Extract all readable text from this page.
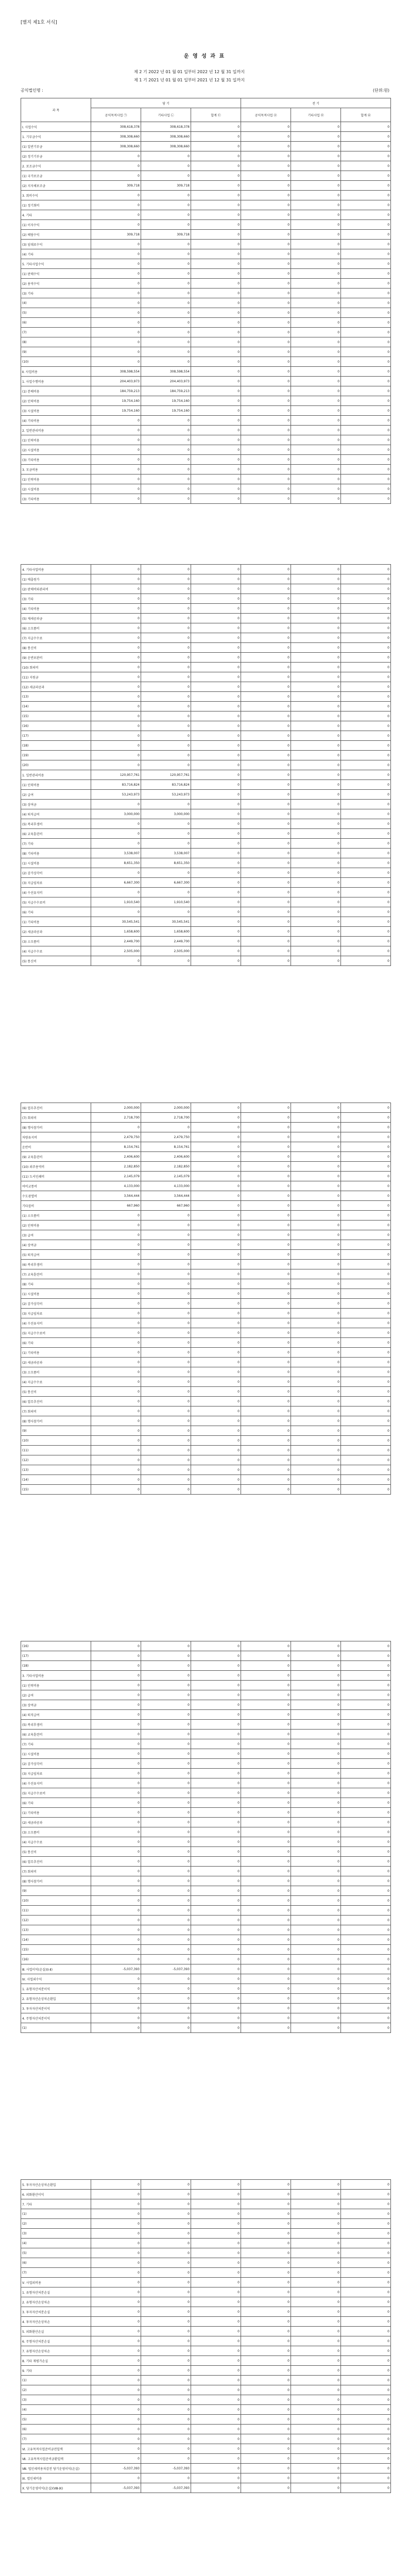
[별지 제1호 서식]
운 영 성 과 표
제 2 기 2022 년 01 월 01 일부터 2022 년 12 월 31 일까지
제 1 기 2021 년 01 월 01 일부터 2021 년 12 월 31 일까지
공익법인명 :	(단위:원)
과 목	당 기			전 기		
	공익목적사업 ㉠	기타사업 ㉡	합계 ㉢	공익목적사업 ㉣	기타사업 ㉤	합계 ㉥
Ⅰ. 사업수익	308,618,378	308,618,378	0	0	0	0
1. 기부금수익	308,308,660	308,308,660	0	0	0	0
(1) 일반기부금	308,308,660	308,308,660	0	0	0	0
(2) 정기기부금	0	0	0	0	0	0
2. 보조금수익	0	0	0	0	0	0
(1) 국가보조금	0	0	0	0	0	0
(2) 지자체보조금	309,718	309,718	0	0	0	0
3. 회비수익	0	0	0	0	0	0
(1) 정기회비	0	0	0	0	0	0
4. 기타	0	0	0	0	0	0
(1) 이자수익	0	0	0	0	0	0
(2) 배당수익	309,718	309,718	0	0	0	0
(3) 임대료수익	0	0	0	0	0	0
(4) 기타	0	0	0	0	0	0
5. 기타사업수익	0	0	0	0	0	0
(1) 판매수익	0	0	0	0	0	0
(2) 용역수익	0	0	0	0	0	0
(3) 기타	0	0	0	0	0	0
(4)	0	0	0	0	0	0
(5)	0	0	0	0	0	0
(6)	0	0	0	0	0	0
(7)	0	0	0	0	0	0
(8)	0	0	0	0	0	0
(9)	0	0	0	0	0	0
(10)	0	0	0	0	0	0
Ⅱ. 사업비용	308,598,554	308,598,554	0	0	0	0
1. 사업수행비용	204,403,973	204,403,973	0	0	0	0
(1) 분배비용	184,759,213	184,759,213	0	0	0	0
(2) 인력비용	19,754,160	19,754,160	0	0	0	0
(3) 시설비용	19,754,160	19,754,160	0	0	0	0
(4) 기타비용	0	0	0	0	0	0
2. 일반관리비용	0	0	0	0	0	0
(1) 인력비용	0	0	0	0	0	0
(2) 시설비용	0	0	0	0	0	0
(3) 기타비용	0	0	0	0	0	0
3. 모금비용	0	0	0	0	0	0
(1) 인력비용	0	0	0	0	0	0
(2) 시설비용	0	0	0	0	0	0
(3) 기타비용	0	0	0	0	0	0
4. 기타사업비용	0	0	0	0	0	0
(1) 매출원가	0	0	0	0	0	0
(2) 판매비와관리비	0	0	0	0	0	0
(3) 기타	0	0	0	0	0	0
(4) 기타비용	0	0	0	0	0	0
(5) 제세공과금	0	0	0	0	0	0
(6) 소모품비	0	0	0	0	0	0
(7) 지급수수료	0	0	0	0	0	0
(8) 통신비	0	0	0	0	0	0
(9) 운반보관비	0	0	0	0	0	0
(10) 회의비	0	0	0	0	0	0
(11) 지원금	0	0	0	0	0	0
(12) 세금과공과	0	0	0	0	0	0
(13)	0	0	0	0	0	0
(14)	0	0	0	0	0	0
(15)	0	0	0	0	0	0
(16)	0	0	0	0	0	0
(17)	0	0	0	0	0	0
(18)	0	0	0	0	0	0
(19)	0	0	0	0	0	0
(20)	0	0	0	0	0	0
1. 일반관리비용	120,957,761	120,957,761	0	0	0	0
(1) 인력비용	83,716,824	83,716,824	0	0	0	0
(2) 급여	53,243,973	53,243,973	0	0	0	0
(3) 상여금	0	0	0	0	0	0
(4) 퇴직급여	3,000,000	3,000,000	0	0	0	0
(5) 복리후생비	0	0	0	0	0	0
(6) 교육훈련비	0	0	0	0	0	0
(7) 기타	0	0	0	0	0	0
(8) 기타비용	3,538,007	3,538,007	0	0	0	0
(1) 시설비용	8,651,350	8,651,350	0	0	0	0
(2) 감가상각비	0	0	0	0	0	0
(3) 지급임차료	6,667,300	6,667,300	0	0	0	0
(4) 수선유지비	0	0	0	0	0	0
(5) 지급수수료비	1,910,540	1,910,540	0	0	0	0
(6) 기타	0	0	0	0	0	0
(1) 기타비용	30,545,541	30,545,541	0	0	0	0
(2) 세금과공과	1,658,600	1,658,600	0	0	0	0
(3) 소모품비	2,449,700	2,449,700	0	0	0	0
(4) 지급수수료	2,505,000	2,505,000	0	0	0	0
(5) 통신비	0	0	0	0	0	0
(6) 업무추진비	2,000,000	2,000,000	0	0	0	0
(7) 회의비	2,718,700	2,718,700	0	0	0	0
(8) 행사참가비	0	0	0	0	0	0
차량유지비	2,479,750	2,479,750	0	0	0	0
운반비	8,154,761	8,154,761	0	0	0	0
(9) 교육훈련비	2,406,600	2,406,600	0	0	0	0
(10) 외주용역비	2,182,850	2,182,850	0	0	0	0
(11) 도서인쇄비	2,145,079	2,145,079	0	0	0	0
여비교통비	4,133,000	4,133,000	0	0	0	0
수도광열비	3,564,444	3,564,444	0	0	0	0
기타잡비	667,960	667,960	0	0	0	0
(1) 소모품비	0	0	0	0	0	0
(2) 인력비용	0	0	0	0	0	0
(3) 급여	0	0	0	0	0	0
(4) 상여금	0	0	0	0	0	0
(5) 퇴직급여	0	0	0	0	0	0
(6) 복리후생비	0	0	0	0	0	0
(7) 교육훈련비	0	0	0	0	0	0
(8) 기타	0	0	0	0	0	0
(1) 시설비용	0	0	0	0	0	0
(2) 감가상각비	0	0	0	0	0	0
(3) 지급임차료	0	0	0	0	0	0
(4) 수선유지비	0	0	0	0	0	0
(5) 지급수수료비	0	0	0	0	0	0
(6) 기타	0	0	0	0	0	0
(1) 기타비용	0	0	0	0	0	0
(2) 세금과공과	0	0	0	0	0	0
(3) 소모품비	0	0	0	0	0	0
(4) 지급수수료	0	0	0	0	0	0
(5) 통신비	0	0	0	0	0	0
(6) 업무추진비	0	0	0	0	0	0
(7) 회의비	0	0	0	0	0	0
(8) 행사참가비	0	0	0	0	0	0
(9)	0	0	0	0	0	0
(10)	0	0	0	0	0	0
(11)	0	0	0	0	0	0
(12)	0	0	0	0	0	0
(13)	0	0	0	0	0	0
(14)	0	0	0	0	0	0
(15)	0	0	0	0	0	0
(16)	0	0	0	0	0	0
(17)	0	0	0	0	0	0
(18)	0	0	0	0	0	0
3. 기타사업비용	0	0	0	0	0	0
(1) 인력비용	0	0	0	0	0	0
(2) 급여	0	0	0	0	0	0
(3) 상여금	0	0	0	0	0	0
(4) 퇴직급여	0	0	0	0	0	0
(5) 복리후생비	0	0	0	0	0	0
(6) 교육훈련비	0	0	0	0	0	0
(7) 기타	0	0	0	0	0	0
(1) 시설비용	0	0	0	0	0	0
(2) 감가상각비	0	0	0	0	0	0
(3) 지급임차료	0	0	0	0	0	0
(4) 수선유지비	0	0	0	0	0	0
(5) 지급수수료비	0	0	0	0	0	0
(6) 기타	0	0	0	0	0	0
(1) 기타비용	0	0	0	0	0	0
(2) 세금과공과	0	0	0	0	0	0
(3) 소모품비	0	0	0	0	0	0
(4) 지급수수료	0	0	0	0	0	0
(5) 통신비	0	0	0	0	0	0
(6) 업무추진비	0	0	0	0	0	0
(7) 회의비	0	0	0	0	0	0
(8) 행사참가비	0	0	0	0	0	0
(9)	0	0	0	0	0	0
(10)	0	0	0	0	0	0
(11)	0	0	0	0	0	0
(12)	0	0	0	0	0	0
(13)	0	0	0	0	0	0
(14)	0	0	0	0	0	0
(15)	0	0	0	0	0	0
(16)	0	0	0	0	0	0
Ⅲ. 사업이익(손실)(Ⅰ-Ⅱ)	-5,037,393	-5,037,393	0	0	0	0
Ⅳ. 사업외수익	0	0	0	0	0	0
1. 유형자산처분이익	0	0	0	0	0	0
2. 유형자산손상차손환입	0	0	0	0	0	0
3. 투자자산처분이익	0	0	0	0	0	0
4. 무형자산처분이익	0	0	0	0	0	0
(1)	0	0	0	0	0	0
5. 투자자산손상차손환입	0	0	0	0	0	0
6. 외화환산이익	0	0	0	0	0	0
7. 기타	0	0	0	0	0	0
(1)	0	0	0	0	0	0
(2)	0	0	0	0	0	0
(3)	0	0	0	0	0	0
(4)	0	0	0	0	0	0
(5)	0	0	0	0	0	0
(6)	0	0	0	0	0	0
(7)	0	0	0	0	0	0
Ⅴ. 사업외비용	0	0	0	0	0	0
1. 유형자산처분손실	0	0	0	0	0	0
2. 유형자산손상차손	0	0	0	0	0	0
3. 투자자산처분손실	0	0	0	0	0	0
4. 투자자산손상차손	0	0	0	0	0	0
5. 외화환산손실	0	0	0	0	0	0
6. 무형자산처분손실	0	0	0	0	0	0
7. 유형자산손상차손	0	0	0	0	0	0
8. 기타 재평가손실	0	0	0	0	0	0
9. 기타	0	0	0	0	0	0
(1)	0	0	0	0	0	0
(2)	0	0	0	0	0	0
(3)	0	0	0	0	0	0
(4)	0	0	0	0	0	0
(5)	0	0	0	0	0	0
(6)	0	0	0	0	0	0
(7)	0	0	0	0	0	0
Ⅵ. 고유목적사업준비금전입액	0	0	0	0	0	0
Ⅶ. 고유목적사업준비금환입액	0	0	0	0	0	0
Ⅷ. 법인세비용차감전 당기운영이익(손실)	-5,037,393	-5,037,393	0	0	0	0
Ⅸ. 법인세비용	0	0	0	0	0	0
Ⅹ. 당기운영이익(손실)(Ⅷ-Ⅸ)	-5,037,393	-5,037,393	0	0	0	0
